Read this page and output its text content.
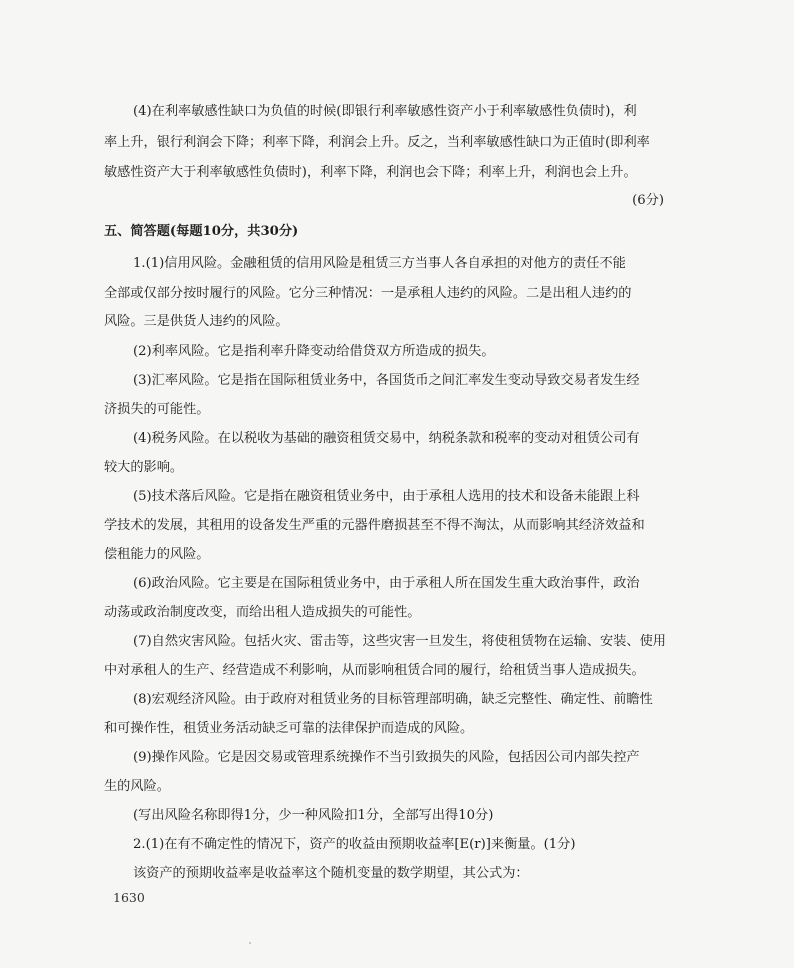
(4)在利率敏感性缺口为负值的时候(即银行利率敏感性资产小于利率敏感性负债时)，利

率上升，银行利润会下降；利率下降，利润会上升。反之，当利率敏感性缺口为正值时(即利率

敏感性资产大于利率敏感性负债时)，利率下降，利润也会下降；利率上升，利润也会上升。

(6分)

五、简答题(每题10分，共30分)

1.(1)信用风险。金融租赁的信用风险是租赁三方当事人各自承担的对他方的责任不能

全部或仅部分按时履行的风险。它分三种情况：一是承租人违约的风险。二是出租人违约的

风险。三是供货人违约的风险。

(2)利率风险。它是指利率升降变动给借贷双方所造成的损失。

(3)汇率风险。它是指在国际租赁业务中，各国货币之间汇率发生变动导致交易者发生经

济损失的可能性。

(4)税务风险。在以税收为基础的融资租赁交易中，纳税条款和税率的变动对租赁公司有

较大的影响。

(5)技术落后风险。它是指在融资租赁业务中，由于承租人选用的技术和设备未能跟上科

学技术的发展，其租用的设备发生严重的元器件磨损甚至不得不淘汰，从而影响其经济效益和

偿租能力的风险。

(6)政治风险。它主要是在国际租赁业务中，由于承租人所在国发生重大政治事件，政治

动荡或政治制度改变，而给出租人造成损失的可能性。

(7)自然灾害风险。包括火灾、雷击等，这些灾害一旦发生，将使租赁物在运输、安装、使用

中对承租人的生产、经营造成不利影响，从而影响租赁合同的履行，给租赁当事人造成损失。

(8)宏观经济风险。由于政府对租赁业务的目标管理部明确，缺乏完整性、确定性、前瞻性

和可操作性，租赁业务活动缺乏可靠的法律保护而造成的风险。

(9)操作风险。它是因交易或管理系统操作不当引致损失的风险，包括因公司内部失控产

生的风险。

(写出风险名称即得1分，少一种风险扣1分，全部写出得10分)

2.(1)在有不确定性的情况下，资产的收益由预期收益率[E(r)]来衡量。(1分)

该资产的预期收益率是收益率这个随机变量的数学期望，其公式为：

1630
